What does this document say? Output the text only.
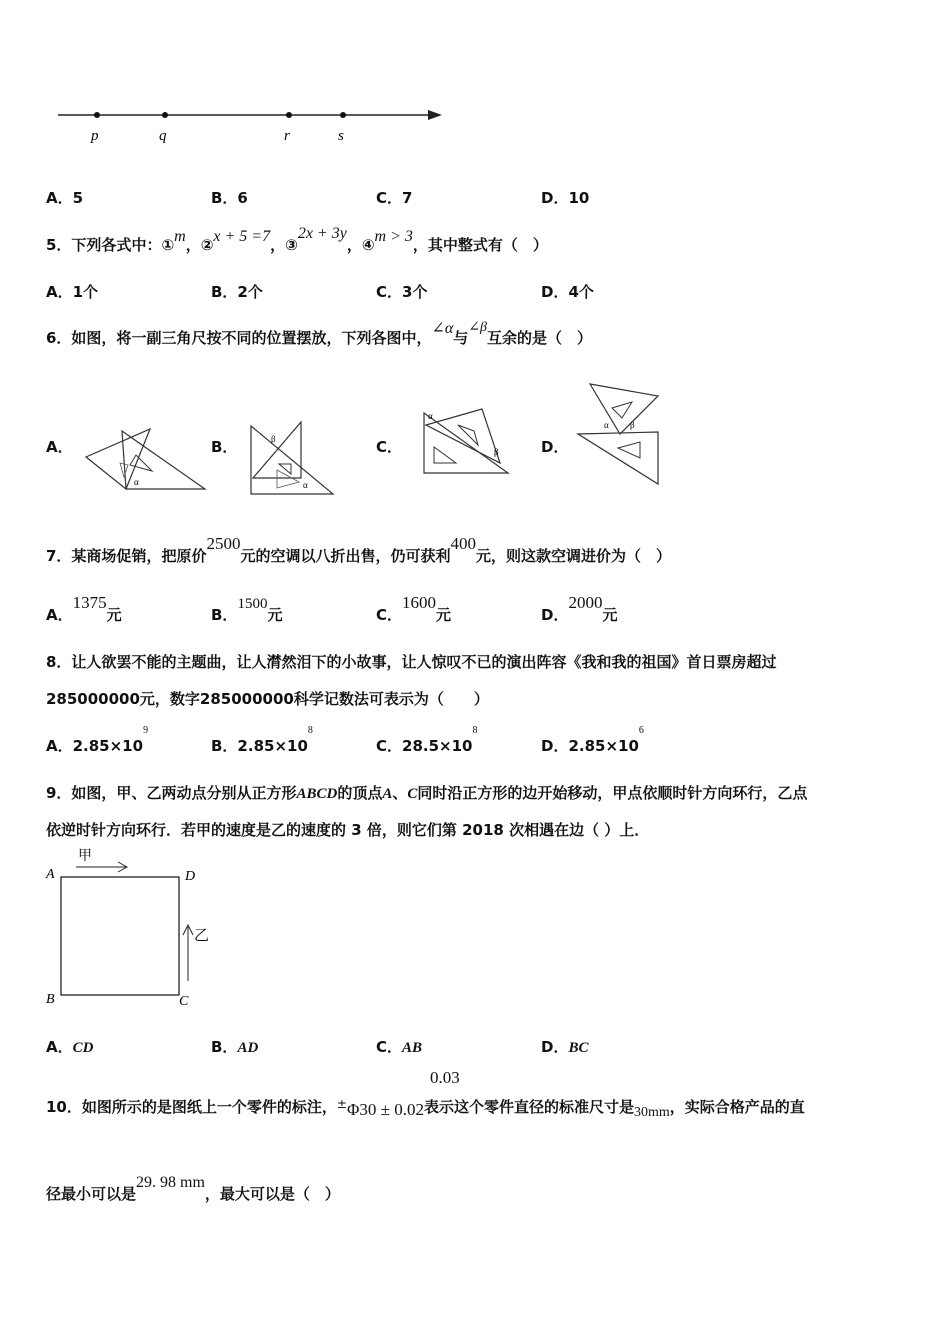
p	q	r	s
A．5	B．6	C．7	D．10
5．下列各式中：①m，②x + 5 =7，③2x + 3y，④m > 3，其中整式有（　）
A．1个	B．2个	C．3个	D．4个
6．如图，将一副三角尺按不同的位置摆放，下列各图中，∠α与∠β互余的是（　）
A．
α
B．	β
α
C．
α
β	D．
α β
7．某商场促销，把原价2500元的空调以八折出售，仍可获利400元，则这款空调进价为（　）
A．1375元	B．1500元	C．1600元	D．2000元
8．让人欲罢不能的主题曲，让人潸然泪下的小故事，让人惊叹不已的演出阵容《我和我的祖国》首日票房超过
285000000元，数字285000000科学记数法可表示为（　　）
A．$2.85\times 10^9$
B．$2.85\times 10^8$
C．$28.5\times 10^8$
D．$2.85\times 10^6$
9．如图，甲、乙两动点分别从正方形ABCD的顶点A、C同时沿正方形的边开始移动，甲点依顺时针方向环行，乙点
依逆时针方向环行．若甲的速度是乙的速度的 3 倍，则它们第 2018 次相遇在边（ ）上．
甲
乙
A	D
B	C
A．CD	B．AD	C．AB	D．BC
0.03
10．如图所示的是图纸上一个零件的标注，±Φ30 ± 0.02表示这个零件直径的标准尺寸是30mm，实际合格产品的直
径最小可以是29. 98 mm，最大可以是（　）
